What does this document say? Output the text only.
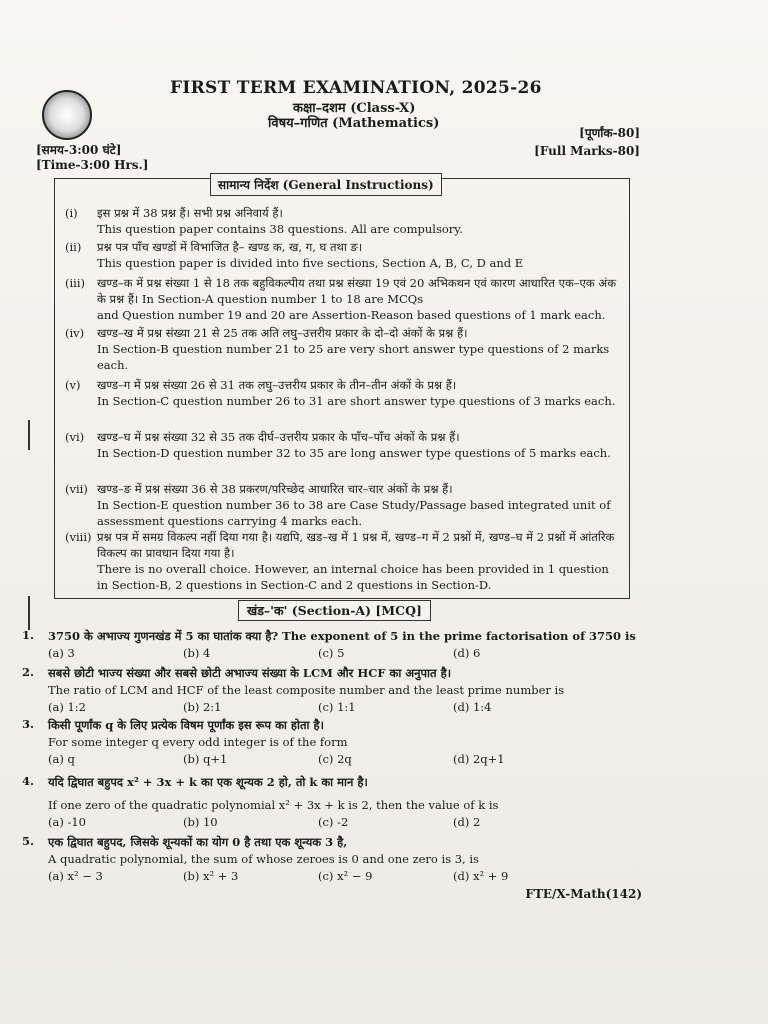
FIRST TERM EXAMINATION, 2025-26
कक्षा–दशम (Class-X)
विषय–गणित (Mathematics)
[समय-3:00 घंटे]
[Time-3:00 Hrs.]
[पूर्णांक-80]
[Full Marks-80]
(i)	इस प्रश्न में 38 प्रश्न हैं। सभी प्रश्न अनिवार्य हैं।
This question paper contains 38 questions. All are compulsory.
(ii)	प्रश्न पत्र पाँच खण्डों में विभाजित है– खण्ड क, ख, ग, घ तथा ङ।
This question paper is divided into five sections, Section A, B, C, D and E
(iii)	खण्ड–क में प्रश्न संख्या 1 से 18 तक बहुविकल्पीय तथा प्रश्न संख्या 19 एवं 20 अभिकथन एवं कारण आधारित एक–एक अंक के प्रश्न हैं। In Section-A question number 1 to 18 are MCQs
and Question number 19 and 20 are Assertion-Reason based questions of 1 mark each.
(iv)	खण्ड–ख में प्रश्न संख्या 21 से 25 तक अति लघु–उत्तरीय प्रकार के दो–दो अंकों के प्रश्न हैं।
In Section-B question number 21 to 25 are very short answer type questions of 2 marks each.
(v)	खण्ड–ग में प्रश्न संख्या 26 से 31 तक लघु–उत्तरीय प्रकार के तीन–तीन अंकों के प्रश्न हैं।
In Section-C question number 26 to 31 are short answer type questions of 3 marks each.
(vi)	खण्ड–घ में प्रश्न संख्या 32 से 35 तक दीर्घ–उत्तरीय प्रकार के पाँच–पाँच अंकों के प्रश्न हैं।
In Section-D question number 32 to 35 are long answer type questions of 5 marks each.
(vii) खण्ड–ङ में प्रश्न संख्या 36 से 38 प्रकरण/परिच्छेद आधारित चार–चार अंकों के प्रश्न हैं।
In Section-E question number 36 to 38 are Case Study/Passage based integrated unit of assessment questions carrying 4 marks each.
(viii) प्रश्न पत्र में समग्र विकल्प नहीं दिया गया है। यद्यपि, खड–ख में 1 प्रश्न में, खण्ड–ग में 2 प्रश्नों में, खण्ड–घ में 2 प्रश्नों में आंतरिक विकल्प का प्रावधान दिया गया है।
There is no overall choice. However, an internal choice has been provided in 1 question in Section-B, 2 questions in Section-C and 2 questions in Section-D.
सामान्य निर्देश (General Instructions)
खंड–'क' (Section-A) [MCQ]
1. 3750 के अभाज्य गुणनखंड में 5 का घातांक क्या है? The exponent of 5 in the prime factorisation of 3750 is
(a) 3	(b) 4	(c) 5	(d) 6
2. सबसे छोटी भाज्य संख्या और सबसे छोटी अभाज्य संख्या के LCM और HCF का अनुपात है।
The ratio of LCM and HCF of the least composite number and the least prime number is
(a) 1:2	(b) 2:1	(c) 1:1	(d) 1:4
3. किसी पूर्णांक q के लिए प्रत्येक विषम पूर्णांक इस रूप का होता है।
For some integer q every odd integer is of the form
(a) q	(b) q+1	(c) 2q	(d) 2q+1
4. यदि द्विघात बहुपद x² + 3x + k का एक शून्यक 2 हो, तो k का मान है।
If one zero of the quadratic polynomial x² + 3x + k is 2, then the value of k is
(a) -10	(b) 10	(c) -2	(d) 2
5. एक द्विघात बहुपद, जिसके शून्यकों का योग 0 है तथा एक शून्यक 3 है,
A quadratic polynomial, the sum of whose zeroes is 0 and one zero is 3, is
(a) x² − 3	(b) x² + 3	(c) x² − 9	(d) x² + 9
FTE/X-Math(142)
